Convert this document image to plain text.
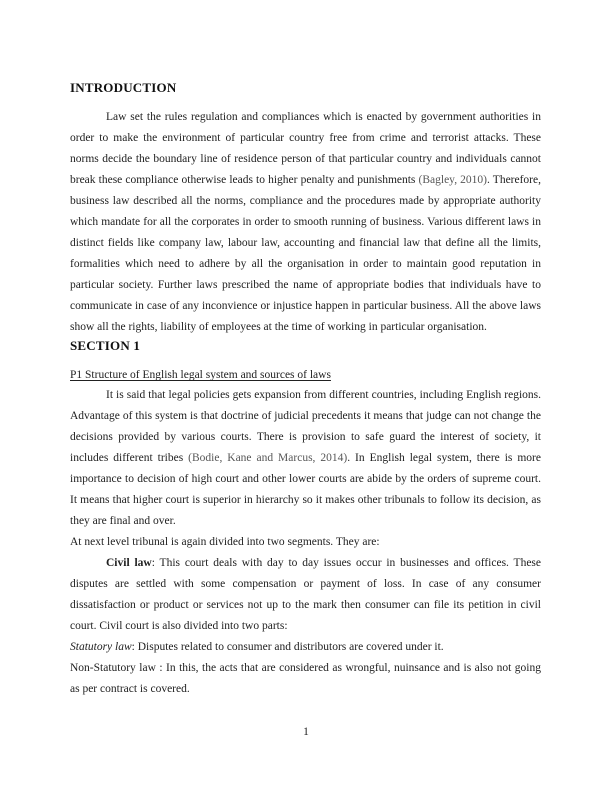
INTRODUCTION

Law set the rules regulation and compliances which is enacted by government authorities in order to make the environment of particular country free from crime and terrorist attacks. These norms decide the boundary line of residence person of that particular country and individuals cannot break these compliance otherwise leads to higher penalty and punishments (Bagley, 2010). Therefore, business law described all the norms, compliance and the procedures made by appropriate authority which mandate for all the corporates in order to smooth running of business. Various different laws in distinct fields like company law, labour law, accounting and financial law that define all the limits, formalities which need to adhere by all the organisation in order to maintain good reputation in particular society. Further laws prescribed the name of appropriate bodies that individuals have to communicate in case of any inconvience or injustice happen in particular business. All the above laws show all the rights, liability of employees at the time of working in particular organisation.

SECTION 1
P1 Structure of English legal system and sources of laws

It is said that legal policies gets expansion from different countries, including English regions. Advantage of this system is that doctrine of judicial precedents it means that judge can not change the decisions provided by various courts. There is provision to safe guard the interest of society, it includes different tribes (Bodie, Kane and Marcus, 2014). In English legal system, there is more importance to decision of high court and other lower courts are abide by the orders of supreme court. It means that higher court is superior in hierarchy so it makes other tribunals to follow its decision, as they are final and over.

At next level tribunal is again divided into two segments. They are:

Civil law: This court deals with day to day issues occur in businesses and offices. These disputes are settled with some compensation or payment of loss. In case of any consumer dissatisfaction or product or services not up to the mark then consumer can file its petition in civil court. Civil court is also divided into two parts:

Statutory law: Disputes related to consumer and distributors are covered under it.

Non-Statutory law : In this, the acts that are considered as wrongful, nuinsance and is also not going as per contract is covered.

1
